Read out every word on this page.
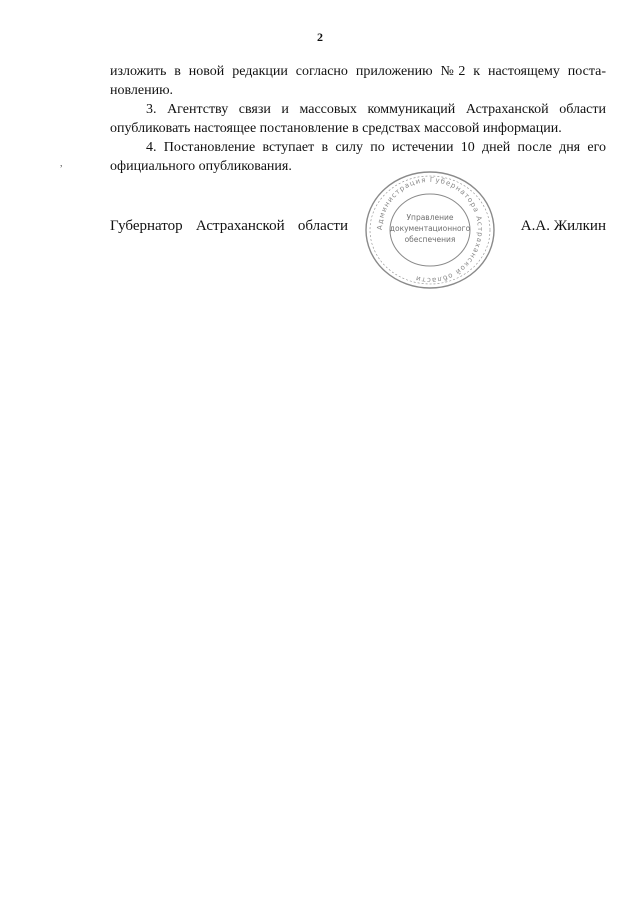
2
изложить в новой редакции согласно приложению №2 к настоящему поста-
новлению.
3. Агентству связи и массовых коммуникаций Астраханской области
опубликовать настоящее постановление в средствах массовой информации.
4. Постановление вступает в силу по истечении 10 дней после дня его
официального опубликования.
Губернатор Астраханской области	Администрация Губернатора Астраханской области
Управление
документационного
обеспечения
А.А. Жилкин
,
